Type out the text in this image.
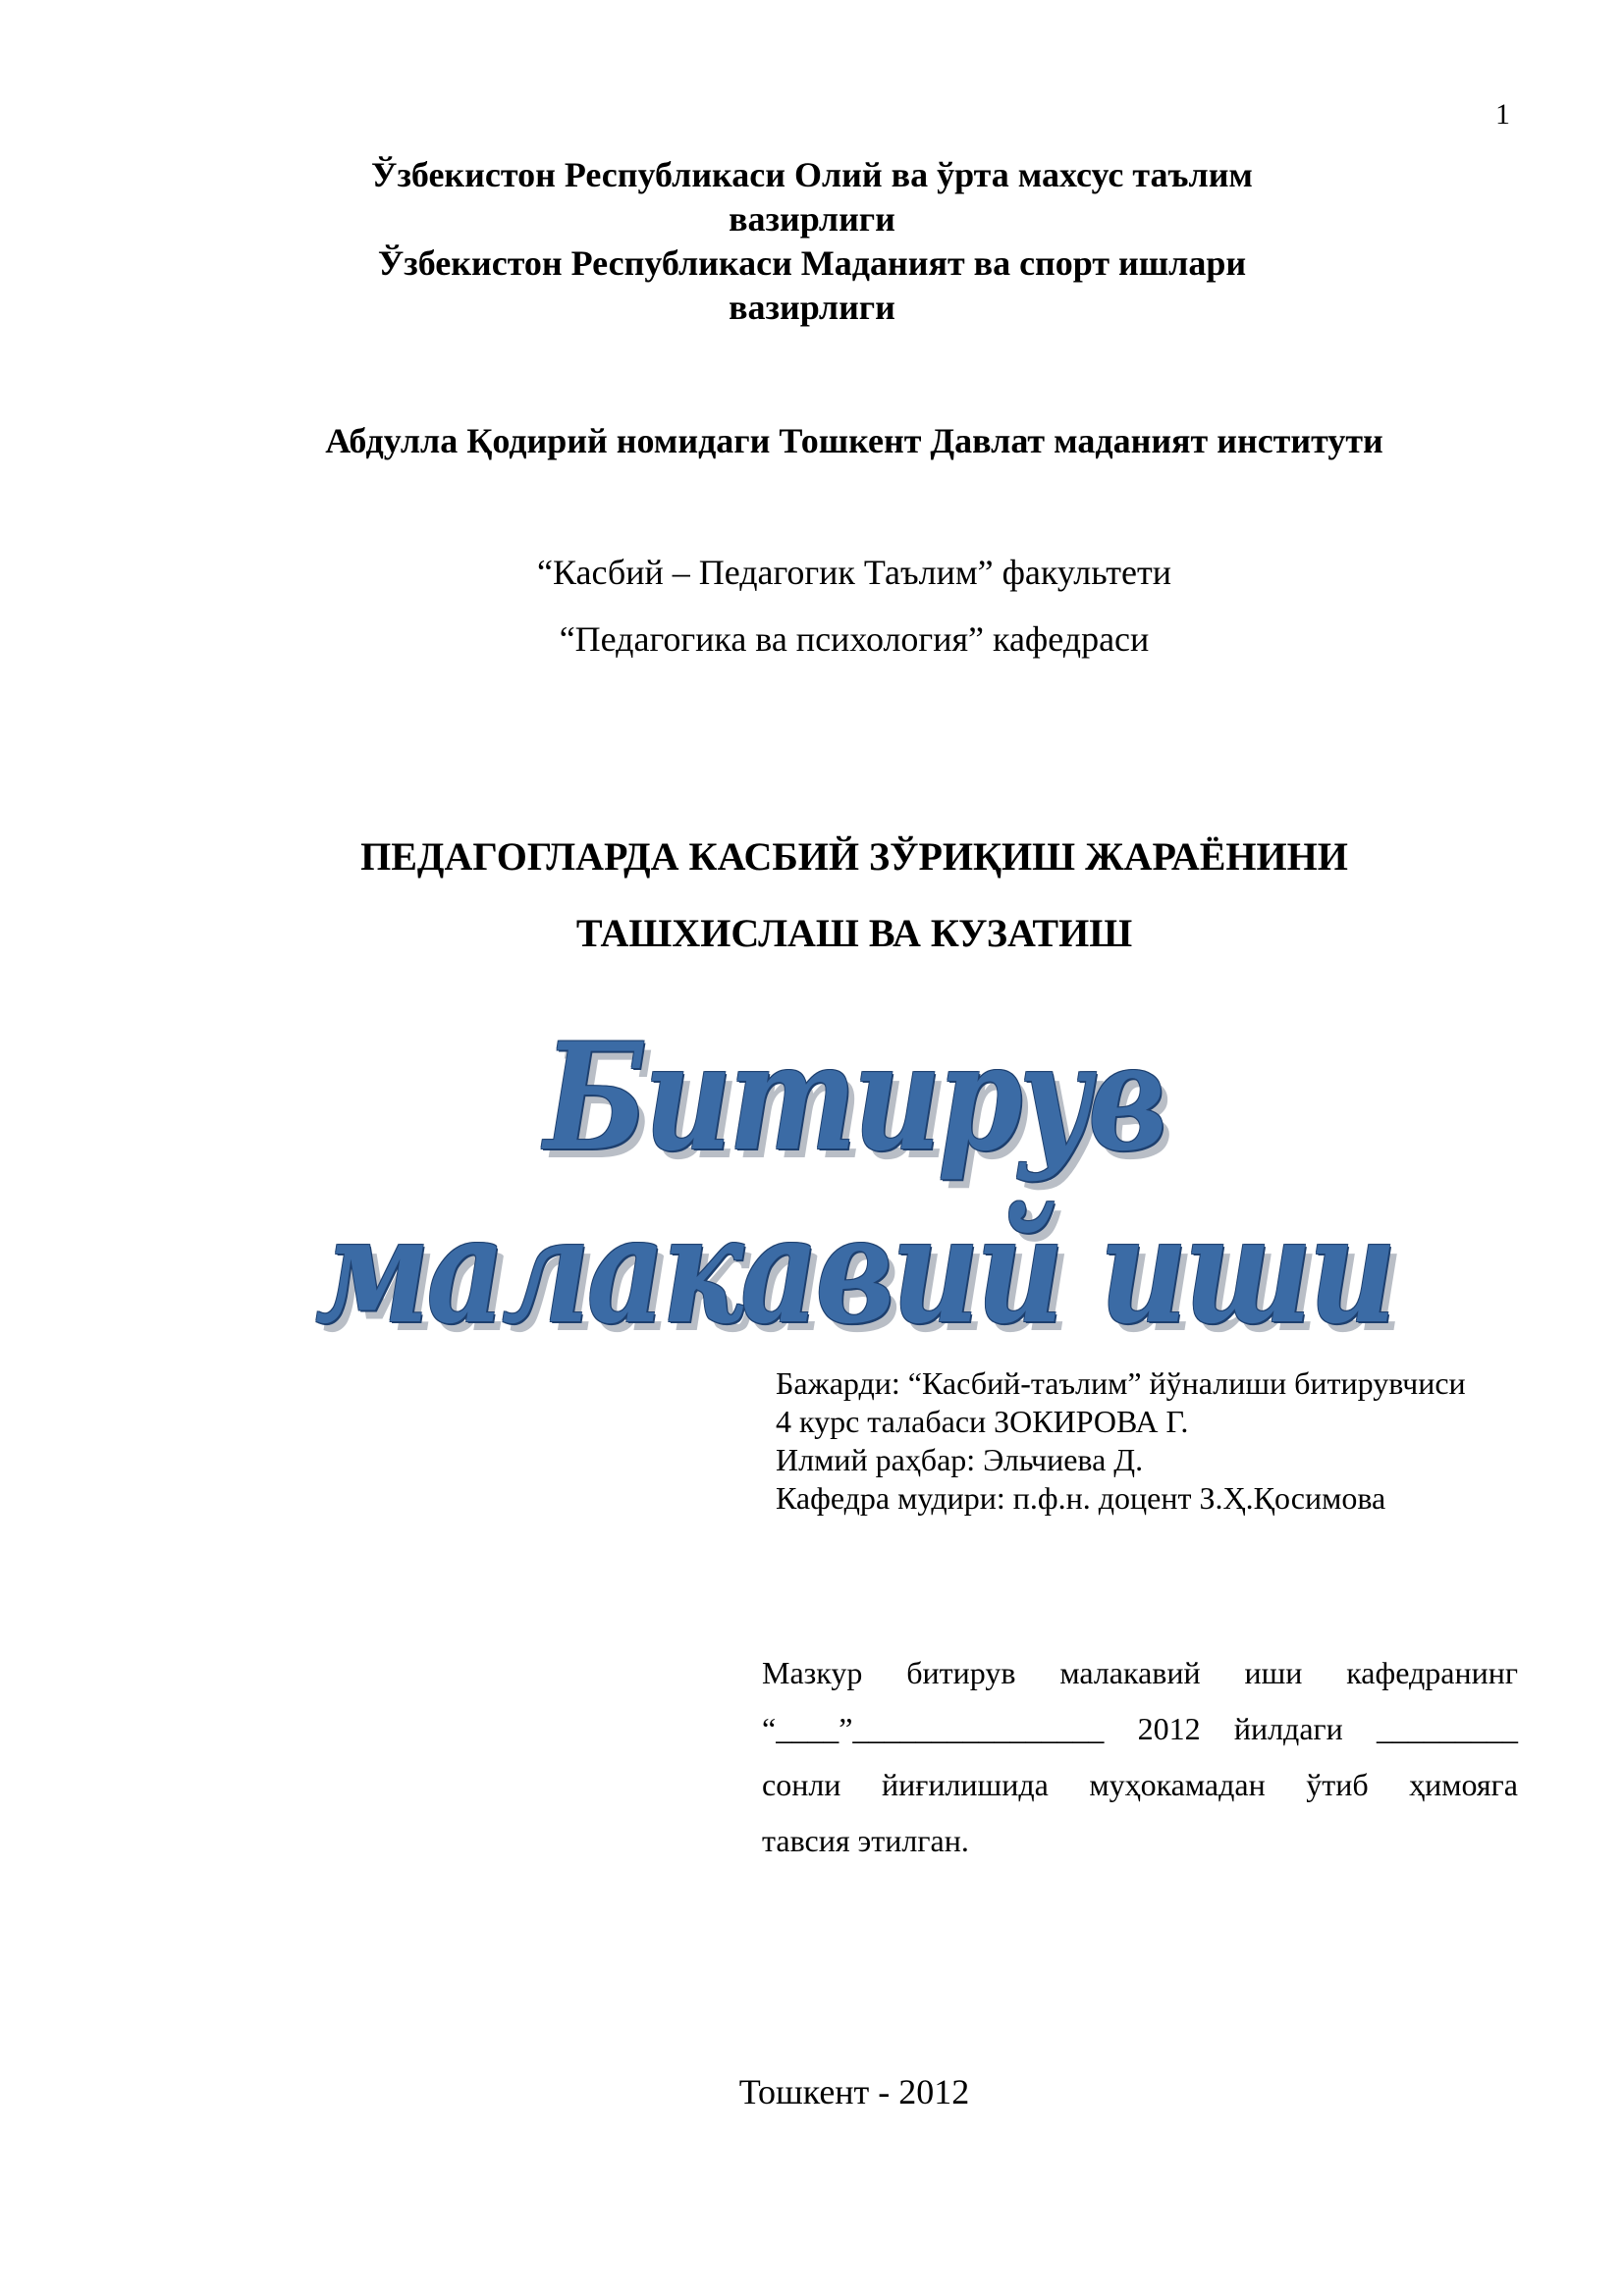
1
Ўзбекистон Республикаси Олий ва ўрта махсус таълим
вазирлиги
Ўзбекистон Республикаси Маданият ва спорт ишлари
вазирлиги
Абдулла Қодирий номидаги Тошкент Давлат маданият институти
“Касбий – Педагогик Таълим” факультети
“Педагогика ва психология” кафедраси
ПЕДАГОГЛАРДА КАСБИЙ ЗЎРИҚИШ ЖАРАЁНИНИ
ТАШХИСЛАШ ВА КУЗАТИШ
Битирув малакавий иши
Бажарди: “Касбий-таълим” йўналиши битирувчиси
4 курс талабаси ЗОКИРОВА Г.
Илмий раҳбар: Эльчиева Д.
Кафедра мудири: п.ф.н. доцент З.Ҳ.Қосимова
Мазкур битирув малакавий иши кафедранинг
“____”________________ 2012 йилдаги _________
сонли йиғилишида муҳокамадан ўтиб ҳимояга
тавсия этилган.
Тошкент - 2012
